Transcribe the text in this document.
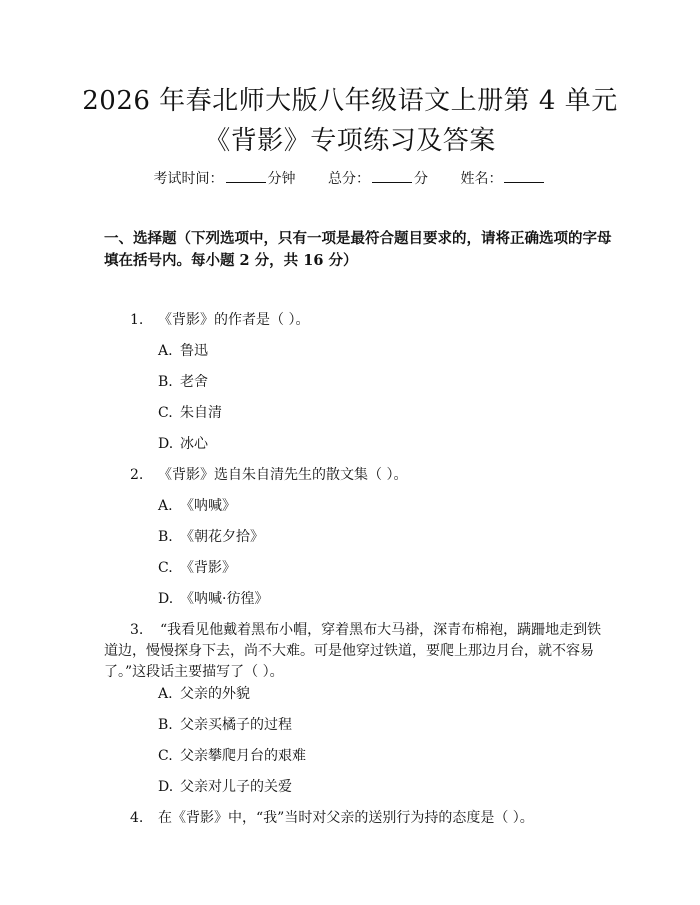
2026 年春北师大版八年级语文上册第 4 单元
《背影》专项练习及答案
考试时间：	分钟 总分：	分 姓名：
一、选择题（下列选项中，只有一项是最符合题目要求的，请将正确选项的字母
填在括号内。每小题 2 分，共 16 分）
1. 《背影》的作者是（ ）。
A. 鲁迅
B. 老舍
C. 朱自清
D. 冰心
2. 《背影》选自朱自清先生的散文集（ ）。
A. 《呐喊》
B. 《朝花夕拾》
C. 《背影》
D. 《呐喊·彷徨》
3. “我看见他戴着黑布小帽，穿着黑布大马褂，深青布棉袍，蹒跚地走到铁
道边，慢慢探身下去，尚不大难。可是他穿过铁道，要爬上那边月台，就不容易
了。”这段话主要描写了（ ）。
A. 父亲的外貌
B. 父亲买橘子的过程
C. 父亲攀爬月台的艰难
D. 父亲对儿子的关爱
4. 在《背影》中，“我”当时对父亲的送别行为持的态度是（ ）。
